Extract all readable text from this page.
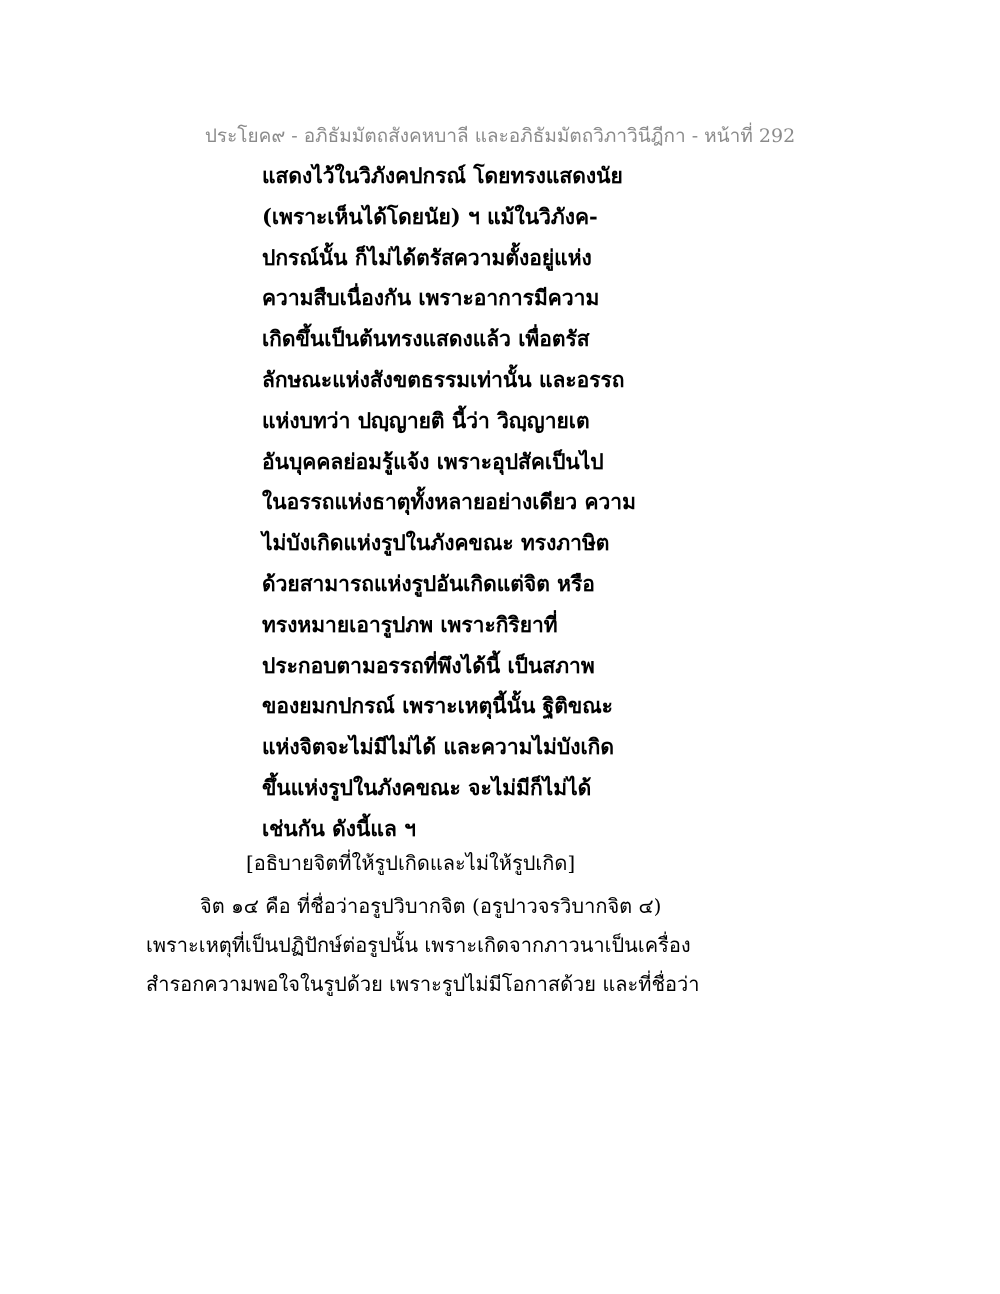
ประโยค๙ - อภิธัมมัตถสังคหบาลี และอภิธัมมัตถวิภาวินีฎีกา - หน้าที่ 292
แสดงไว้ในวิภังคปกรณ์ โดยทรงแสดงนัย
(เพราะเห็นได้โดยนัย) ฯ แม้ในวิภังค-
ปกรณ์นั้น ก็ไม่ได้ตรัสความตั้งอยู่แห่ง
ความสืบเนื่องกัน เพราะอาการมีความ
เกิดขึ้นเป็นต้นทรงแสดงแล้ว เพื่อตรัส
ลักษณะแห่งสังขตธรรมเท่านั้น และอรรถ
แห่งบทว่า ปญฺญายติ นี้ว่า วิญฺญายเต
อันบุคคลย่อมรู้แจ้ง เพราะอุปสัคเป็นไป
ในอรรถแห่งธาตุทั้งหลายอย่างเดียว ความ
ไม่บังเกิดแห่งรูปในภังคขณะ ทรงภาษิต
ด้วยสามารถแห่งรูปอันเกิดแต่จิต หรือ
ทรงหมายเอารูปภพ เพราะกิริยาที่
ประกอบตามอรรถที่พึงได้นี้ เป็นสภาพ
ของยมกปกรณ์ เพราะเหตุนี้นั้น ฐิติขณะ
แห่งจิตจะไม่มีไม่ได้ และความไม่บังเกิด
ขึ้นแห่งรูปในภังคขณะ จะไม่มีก็ไม่ได้
เช่นกัน ดังนี้แล ฯ
[อธิบายจิตที่ให้รูปเกิดและไม่ให้รูปเกิด]
จิต ๑๔ คือ ที่ชื่อว่าอรูปวิบากจิต (อรูปาวจรวิบากจิต ๔)
เพราะเหตุที่เป็นปฏิปักษ์ต่อรูปนั้น เพราะเกิดจากภาวนาเป็นเครื่อง
สำรอกความพอใจในรูปด้วย เพราะรูปไม่มีโอกาสด้วย และที่ชื่อว่า
